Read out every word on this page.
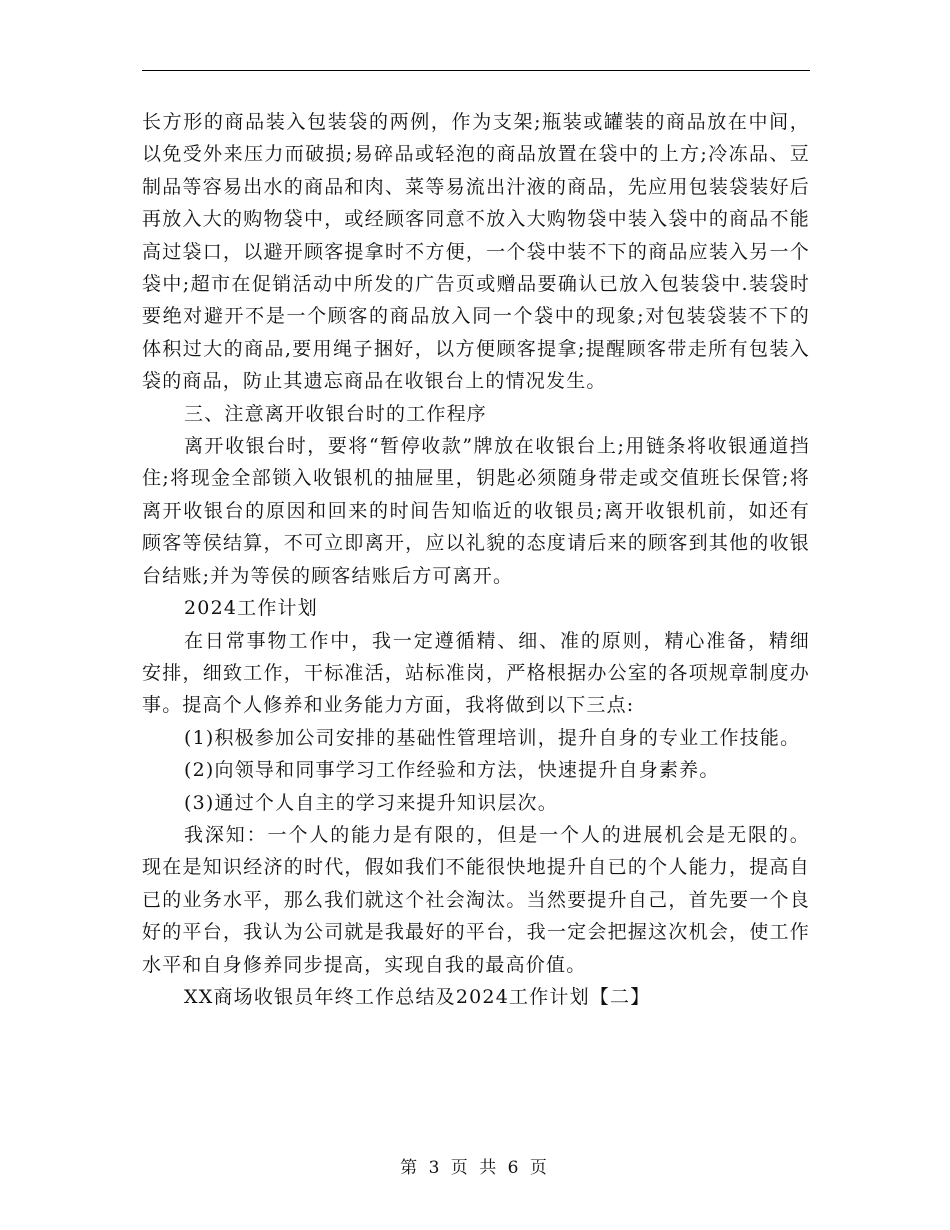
长方形的商品装入包装袋的两例，作为支架;瓶装或罐装的商品放在中间，以免受外来压力而破损;易碎品或轻泡的商品放置在袋中的上方;冷冻品、豆制品等容易出水的商品和肉、菜等易流出汁液的商品，先应用包装袋装好后再放入大的购物袋中，或经顾客同意不放入大购物袋中装入袋中的商品不能高过袋口，以避开顾客提拿时不方便，一个袋中装不下的商品应装入另一个袋中;超市在促销活动中所发的广告页或赠品要确认已放入包装袋中.装袋时要绝对避开不是一个顾客的商品放入同一个袋中的现象;对包装袋装不下的体积过大的商品,要用绳子捆好，以方便顾客提拿;提醒顾客带走所有包装入袋的商品，防止其遗忘商品在收银台上的情况发生。

三、注意离开收银台时的工作程序

离开收银台时，要将“暂停收款”牌放在收银台上;用链条将收银通道挡住;将现金全部锁入收银机的抽屉里，钥匙必须随身带走或交值班长保管;将离开收银台的原因和回来的时间告知临近的收银员;离开收银机前，如还有顾客等侯结算，不可立即离开，应以礼貌的态度请后来的顾客到其他的收银台结账;并为等侯的顾客结账后方可离开。

2024工作计划

在日常事物工作中，我一定遵循精、细、准的原则，精心准备，精细安排，细致工作，干标准活，站标准岗，严格根据办公室的各项规章制度办事。提高个人修养和业务能力方面，我将做到以下三点:

(1)积极参加公司安排的基础性管理培训，提升自身的专业工作技能。

(2)向领导和同事学习工作经验和方法，快速提升自身素养。

(3)通过个人自主的学习来提升知识层次。

我深知：一个人的能力是有限的，但是一个人的进展机会是无限的。现在是知识经济的时代，假如我们不能很快地提升自已的个人能力，提高自已的业务水平，那么我们就这个社会淘汰。当然要提升自己，首先要一个良好的平台，我认为公司就是我最好的平台，我一定会把握这次机会，使工作水平和自身修养同步提高，实现自我的最高价值。

XX商场收银员年终工作总结及2024工作计划【二】

第 3 页 共 6 页
